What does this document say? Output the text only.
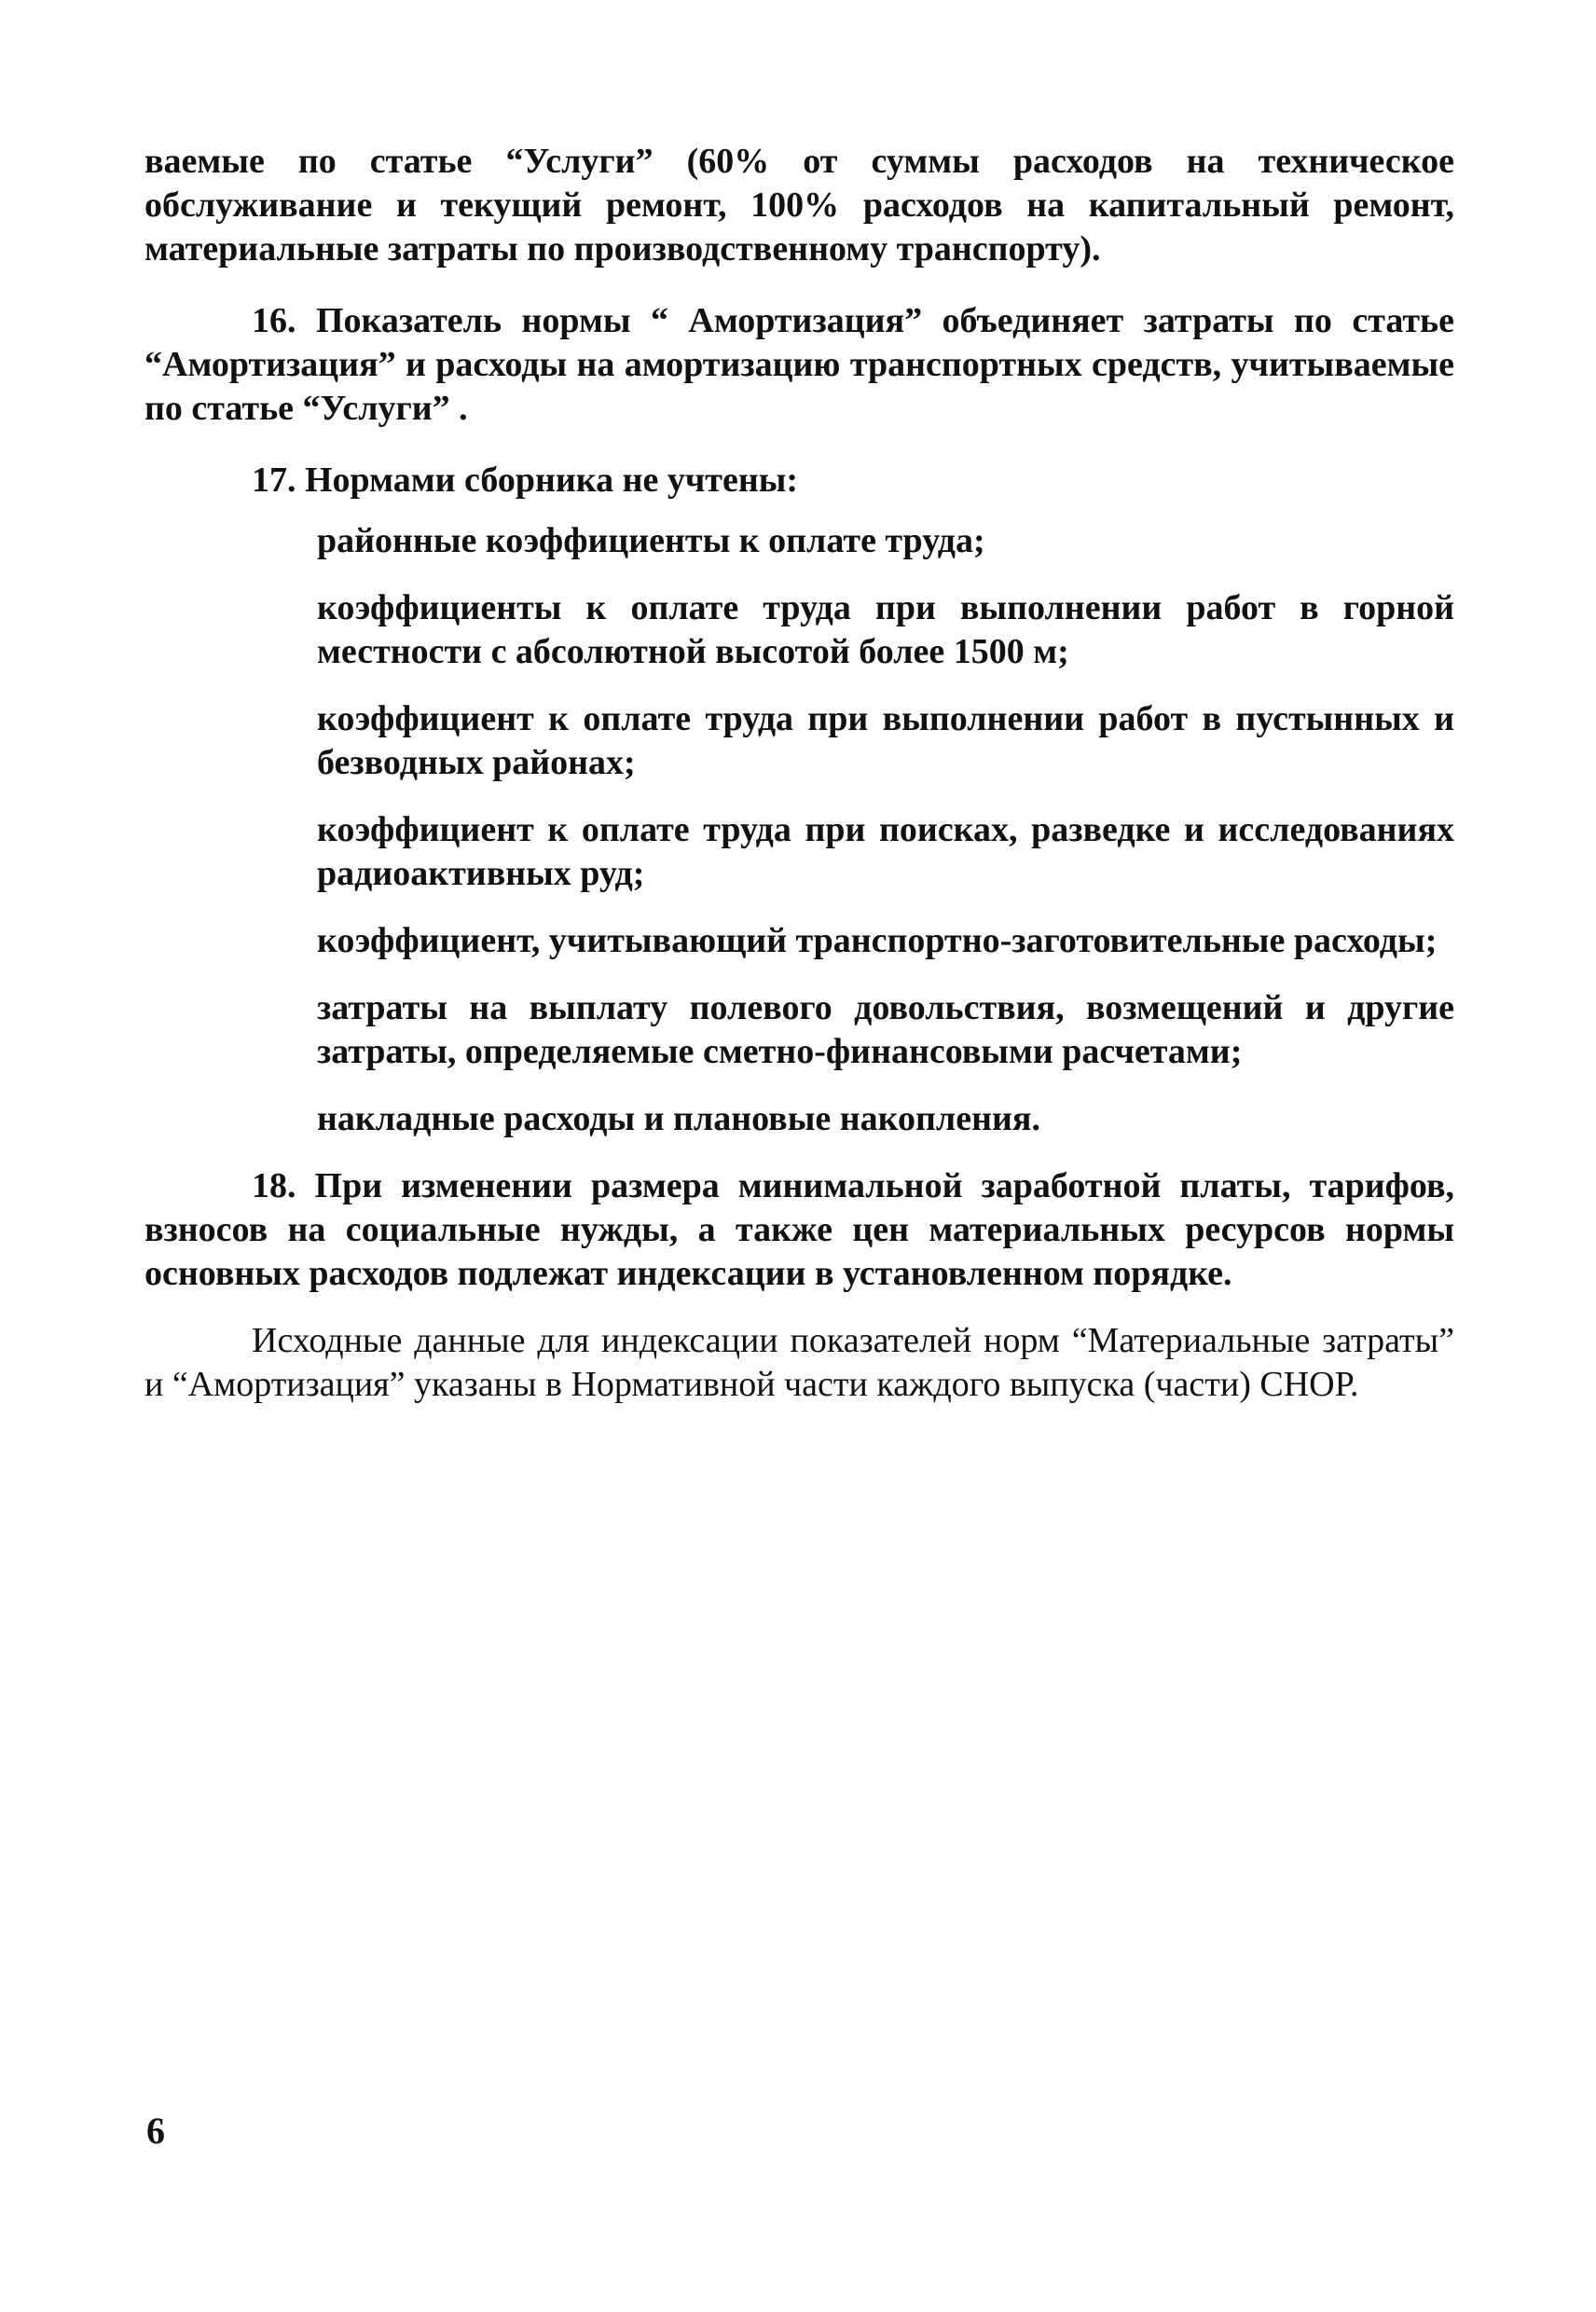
ваемые по статье “Услуги” (60% от суммы расходов на техническое обслуживание и текущий ремонт, 100% расходов на капитальный ремонт, материальные затраты по производственному транспорту).

16. Показатель нормы “ Амортизация” объединяет затраты по статье “Амортизация” и расходы на амортизацию транспортных средств, учитываемые по статье “Услуги” .

17. Нормами сборника не учтены:

районные коэффициенты к оплате труда;
коэффициенты к оплате труда при выполнении работ в горной местности с абсолютной высотой более 1500 м;
коэффициент к оплате труда при выполнении работ в пустынных и безводных районах;
коэффициент к оплате труда при поисках, разведке и исследованиях радиоактивных руд;
коэффициент, учитывающий транспортно-заготовительные расходы;
затраты на выплату полевого довольствия, возмещений и другие затраты, определяемые сметно-финансовыми расчетами;
накладные расходы и плановые накопления.

18. При изменении размера минимальной заработной платы, тарифов, взносов на социальные нужды, а также цен материальных ресурсов нормы основных расходов подлежат индексации в установленном порядке.

Исходные данные для индексации показателей норм “Материальные затраты” и “Амортизация” указаны в Нормативной части каждого выпуска (части) СНОР.

6
